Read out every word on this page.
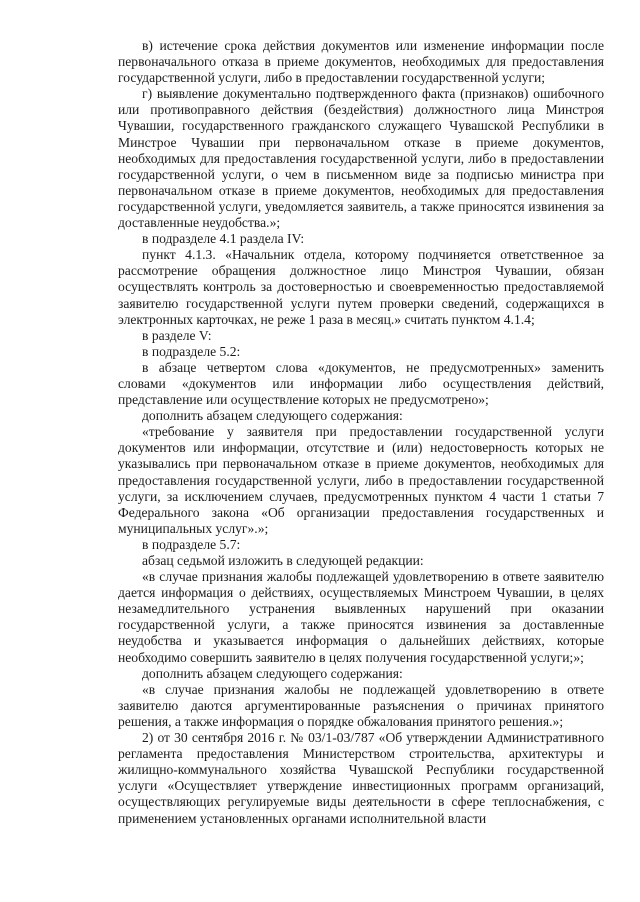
в) истечение срока действия документов или изменение информации после первоначального отказа в приеме документов, необходимых для предоставления государственной услуги, либо в предоставлении государственной услуги;

г) выявление документально подтвержденного факта (признаков) ошибочного или противоправного действия (бездействия) должностного лица Минстроя Чувашии, государственного гражданского служащего Чувашской Республики в Минстрое Чувашии при первоначальном отказе в приеме документов, необходимых для предоставления государственной услуги, либо в предоставлении государственной услуги, о чем в письменном виде за подписью министра при первоначальном отказе в приеме документов, необходимых для предоставления государственной услуги, уведомляется заявитель, а также приносятся извинения за доставленные неудобства.»;

в подразделе 4.1 раздела IV:

пункт 4.1.3. «Начальник отдела, которому подчиняется ответственное за рассмотрение обращения должностное лицо Минстроя Чувашии, обязан осуществлять контроль за достоверностью и своевременностью предоставляемой заявителю государственной услуги путем проверки сведений, содержащихся в электронных карточках, не реже 1 раза в месяц.» считать пунктом 4.1.4;

в разделе V:

в подразделе 5.2:

в абзаце четвертом слова «документов, не предусмотренных» заменить словами «документов или информации либо осуществления действий, представление или осуществление которых не предусмотрено»;

дополнить абзацем следующего содержания:

«требование у заявителя при предоставлении государственной услуги документов или информации, отсутствие и (или) недостоверность которых не указывались при первоначальном отказе в приеме документов, необходимых для предоставления государственной услуги, либо в предоставлении государственной услуги, за исключением случаев, предусмотренных пунктом 4 части 1 статьи 7 Федерального закона «Об организации предоставления государственных и муниципальных услуг».»;

в подразделе 5.7:

абзац седьмой изложить в следующей редакции:

«в случае признания жалобы подлежащей удовлетворению в ответе заявителю дается информация о действиях, осуществляемых Минстроем Чувашии, в целях незамедлительного устранения выявленных нарушений при оказании государственной услуги, а также приносятся извинения за доставленные неудобства и указывается информация о дальнейших действиях, которые необходимо совершить заявителю в целях получения государственной услуги;»;

дополнить абзацем следующего содержания:

«в случае признания жалобы не подлежащей удовлетворению в ответе заявителю даются аргументированные разъяснения о причинах принятого решения, а также информация о порядке обжалования принятого решения.»;

2) от 30 сентября 2016 г. № 03/1-03/787 «Об утверждении Административного регламента предоставления Министерством строительства, архитектуры и жилищно-коммунального хозяйства Чувашской Республики государственной услуги «Осуществляет утверждение инвестиционных программ организаций, осуществляющих регулируемые виды деятельности в сфере теплоснабжения, с применением установленных органами исполнительной власти
